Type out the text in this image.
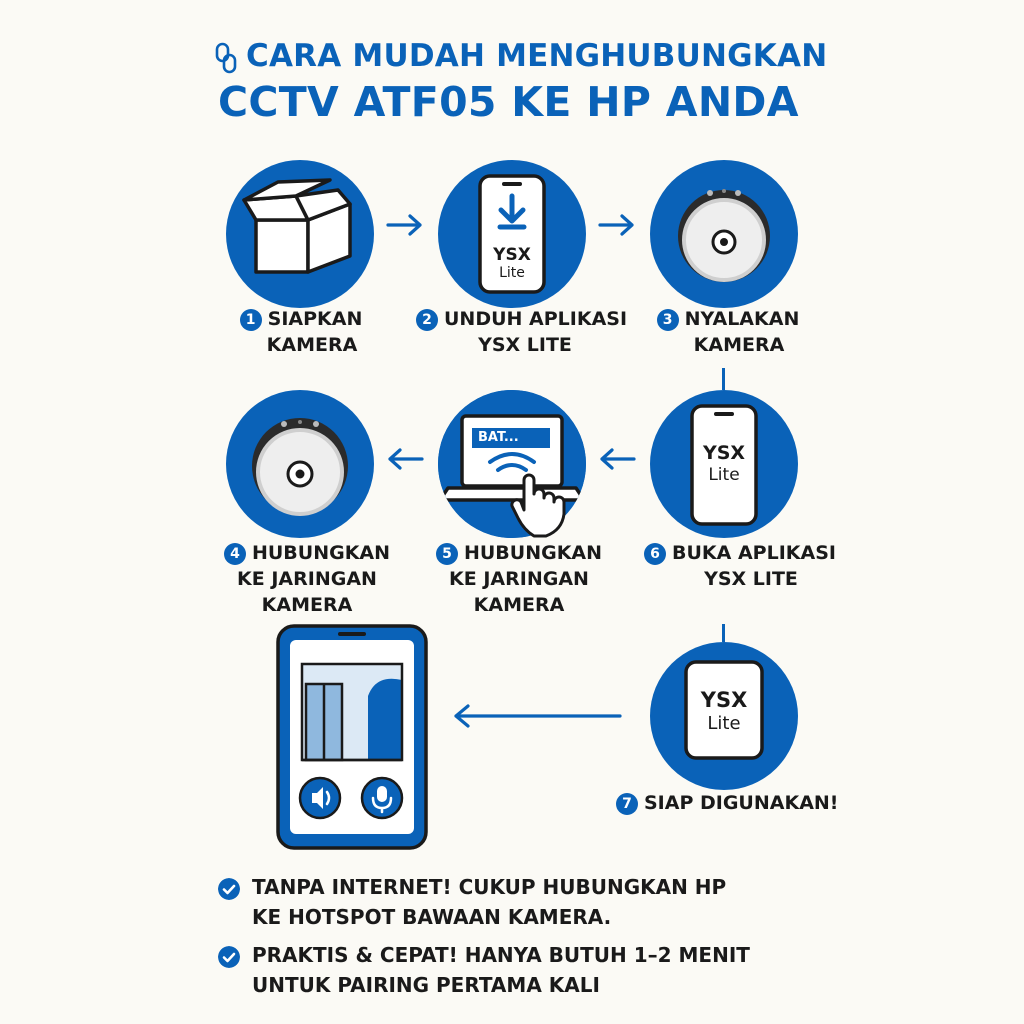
CARA MUDAH MENGHUBUNGKAN
CCTV ATF05 KE HP ANDA
YSX
Lite
1 SIAPKAN
KAMERA
2 UNDUH APLIKASI
YSX LITE
3 NYALAKAN
KAMERA
BAT...
YSX
Lite
4 HUBUNGKAN
KE JARINGAN
KAMERA
5 HUBUNGKAN
KE JARINGAN
KAMERA
6 BUKA APLIKASI
YSX LITE
YSX
Lite
7 SIAP DIGUNAKAN!
TANPA INTERNET! CUKUP HUBUNGKAN HP
KE HOTSPOT BAWAAN KAMERA.
PRAKTIS & CEPAT! HANYA BUTUH 1–2 MENIT
UNTUK PAIRING PERTAMA KALI
